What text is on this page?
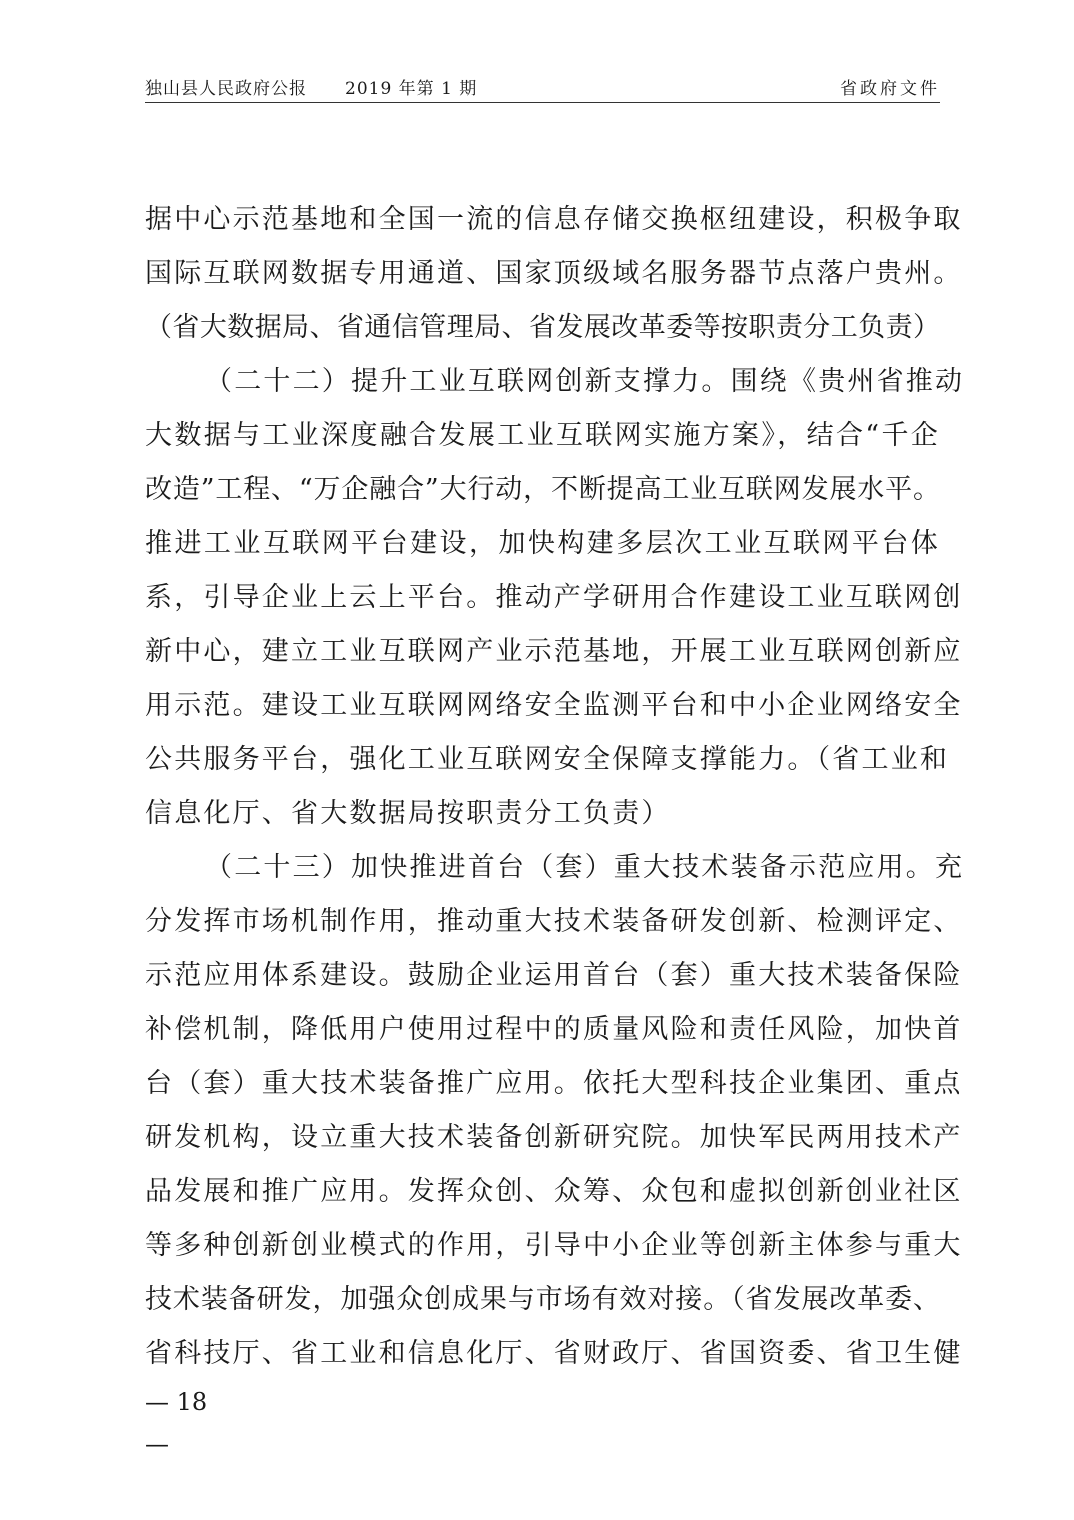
独山县人民政府公报 2019 年第 1 期	省政府文件
据中心示范基地和全国一流的信息存储交换枢纽建设，积极争取
国际互联网数据专用通道、国家顶级域名服务器节点落户贵州。
（省大数据局、省通信管理局、省发展改革委等按职责分工负责）
（二十二）提升工业互联网创新支撑力。围绕《贵州省推动
大数据与工业深度融合发展工业互联网实施方案》，结合“千企
改造”工程、“万企融合”大行动，不断提高工业互联网发展水平。
推进工业互联网平台建设，加快构建多层次工业互联网平台体
系，引导企业上云上平台。推动产学研用合作建设工业互联网创
新中心，建立工业互联网产业示范基地，开展工业互联网创新应
用示范。建设工业互联网网络安全监测平台和中小企业网络安全
公共服务平台，强化工业互联网安全保障支撑能力。（省工业和
信息化厅、省大数据局按职责分工负责）
（二十三）加快推进首台（套）重大技术装备示范应用。充
分发挥市场机制作用，推动重大技术装备研发创新、检测评定、
示范应用体系建设。鼓励企业运用首台（套）重大技术装备保险
补偿机制，降低用户使用过程中的质量风险和责任风险，加快首
台（套）重大技术装备推广应用。依托大型科技企业集团、重点
研发机构，设立重大技术装备创新研究院。加快军民两用技术产
品发展和推广应用。发挥众创、众筹、众包和虚拟创新创业社区
等多种创新创业模式的作用，引导中小企业等创新主体参与重大
技术装备研发，加强众创成果与市场有效对接。（省发展改革委、
省科技厅、省工业和信息化厅、省财政厅、省国资委、省卫生健
— 18
—
